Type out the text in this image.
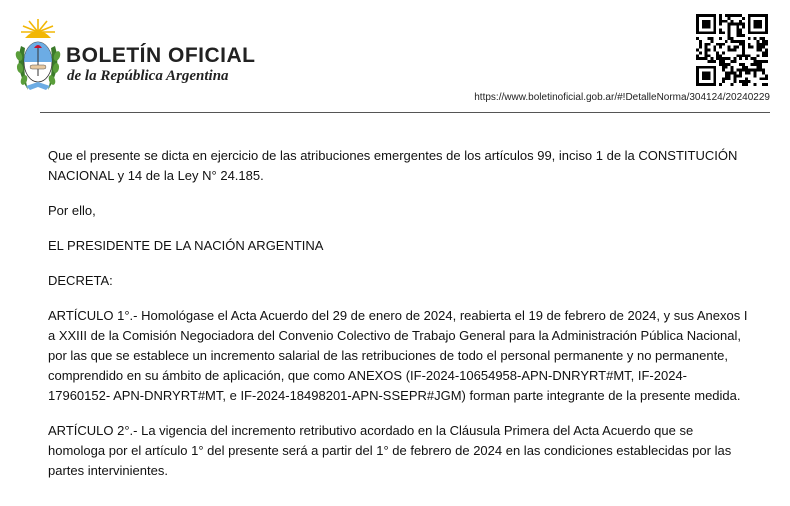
BOLETÍN OFICIAL
de la República Argentina
https://www.boletinoficial.gob.ar/#!DetalleNorma/304124/20240229

Que el presente se dicta en ejercicio de las atribuciones emergentes de los artículos 99, inciso 1 de la CONSTITUCIÓN NACIONAL y 14 de la Ley N° 24.185.

Por ello,

EL PRESIDENTE DE LA NACIÓN ARGENTINA

DECRETA:

ARTÍCULO 1°.- Homológase el Acta Acuerdo del 29 de enero de 2024, reabierta el 19 de febrero de 2024, y sus Anexos I a XXIII de la Comisión Negociadora del Convenio Colectivo de Trabajo General para la Administración Pública Nacional, por las que se establece un incremento salarial de las retribuciones de todo el personal permanente y no permanente, comprendido en su ámbito de aplicación, que como ANEXOS (IF-2024-10654958-APN-DNRYRT#MT, IF-2024-17960152- APN-DNRYRT#MT, e IF-2024-18498201-APN-SSEPR#JGM) forman parte integrante de la presente medida.

ARTÍCULO 2°.- La vigencia del incremento retributivo acordado en la Cláusula Primera del Acta Acuerdo que se homologa por el artículo 1° del presente será a partir del 1° de febrero de 2024 en las condiciones establecidas por las partes intervinientes.
